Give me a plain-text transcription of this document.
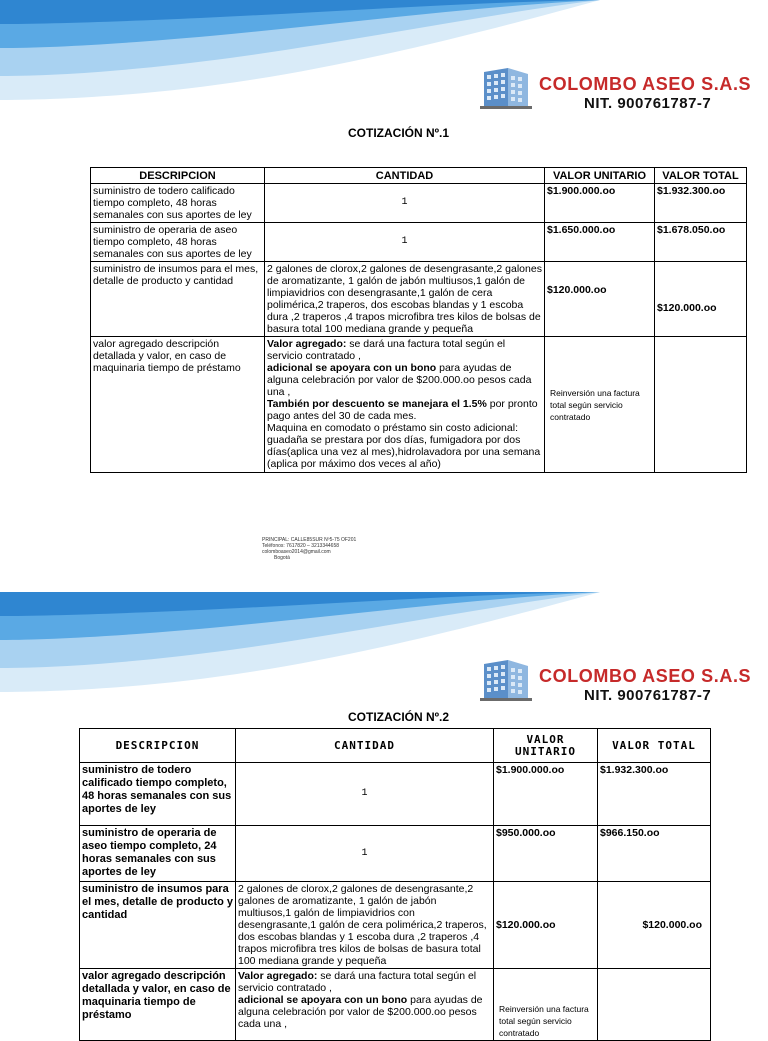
COLOMBO ASEO S.A.S
NIT. 900761787-7
COTIZACIÓN Nº.1
DESCRIPCION	CANTIDAD	VALOR UNITARIO	VALOR TOTAL
suministro de todero calificado tiempo completo, 48 horas semanales con sus aportes de ley	1	$1.900.000.oo	$1.932.300.oo
suministro de operaria de aseo tiempo completo, 48 horas semanales con sus aportes de ley	1	$1.650.000.oo	$1.678.050.oo
suministro de insumos para el mes, detalle de producto y cantidad	2 galones de clorox,2 galones de desengrasante,2 galones de aromatizante, 1 galón de jabón multiusos,1 galón de limpiavidrios con desengrasante,1 galón de cera polimérica,2 traperos, dos escobas blandas y 1 escoba dura ,2 traperos ,4 trapos microfibra tres kilos de bolsas de basura total 100 mediana grande y pequeña	$120.000.oo	$120.000.oo
valor agregado descripción detallada y valor, en caso de maquinaria tiempo de préstamo	Valor agregado: se dará una factura total según el servicio contratado ,
adicional se apoyara con un bono para ayudas de alguna celebración por valor de $200.000.oo pesos cada una ,
También por descuento se manejara el 1.5% por pronto pago antes del 30 de cada mes.
Maquina en comodato o préstamo sin costo adicional: guadaña se prestara por dos días, fumigadora por dos días(aplica una vez al mes),hidrolavadora por una semana (aplica por máximo dos veces al año)	Reinversión una factura total según servicio contratado	
PRINCIPAL: CALLE85SUR Nº5-75 OF201
Teléfonos: 7617820 – 3213344658
colomboaseo2014@gmail.com
Bogotá
COLOMBO ASEO S.A.S
NIT. 900761787-7
COTIZACIÓN Nº.2
DESCRIPCION	CANTIDAD	VALOR UNITARIO	VALOR TOTAL
suministro de todero calificado tiempo completo, 48 horas semanales con sus aportes de ley	1	$1.900.000.oo	$1.932.300.oo
suministro de operaria de aseo tiempo completo, 24 horas semanales con sus aportes de ley	1	$950.000.oo	$966.150.oo
suministro de insumos para el mes, detalle de producto y cantidad	2 galones de clorox,2 galones de desengrasante,2 galones de aromatizante, 1 galón de jabón multiusos,1 galón de limpiavidrios con desengrasante,1 galón de cera polimérica,2 traperos, dos escobas blandas y 1 escoba dura ,2 traperos ,4 trapos microfibra tres kilos de bolsas de basura total 100 mediana grande y pequeña	$120.000.oo	$120.000.oo
valor agregado descripción detallada y valor, en caso de maquinaria tiempo de préstamo	Valor agregado: se dará una factura total según el servicio contratado ,
adicional se apoyara con un bono para ayudas de alguna celebración por valor de $200.000.oo pesos cada una ,	Reinversión una factura total según servicio contratado	
